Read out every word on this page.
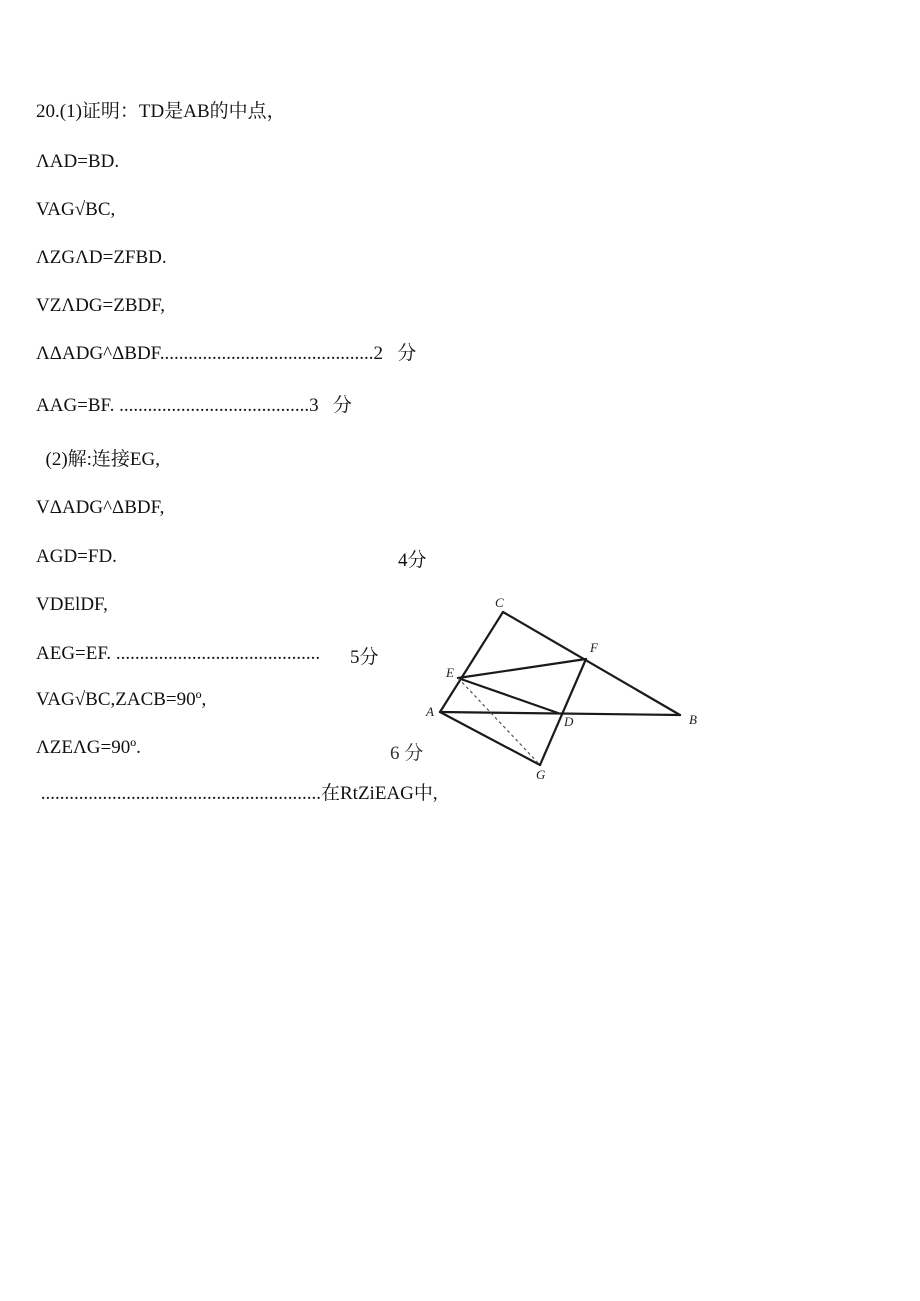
20.(1)证明：TD是AB的中点，
ΛAD=BD.
VAG√BC,
ΛZGΛD=ZFBD.
VZΛDG=ZBDF,
ΛΔADG^ΔBDF.............................................2   分
AAG=BF. ........................................3   分
(2)解:连接EG,
VΔADG^ΔBDF,
AGD=FD.
VDElDF,
AEG=EF. ...........................................
VAG√BC,ZACB=90º,
ΛZEΛG=90º.
...........................................................在RtZiEAG中,
4分
5分
A
B
C
D
E
F
G
6 分
